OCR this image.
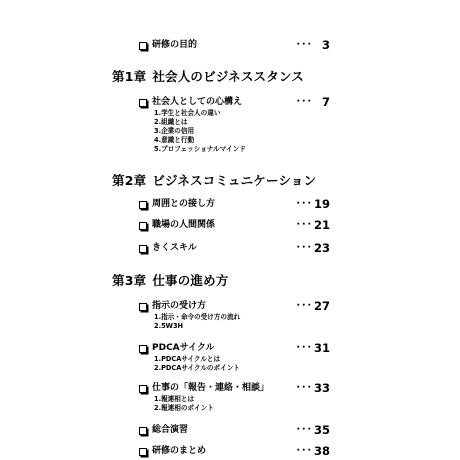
研修の目的	･･･ 3
第1章 社会人のビジネススタンス
社会人としての心構え	･･･ 7
1.学生と社会人の違い
2.組織とは
3.企業の信用
4.意識と行動
5.プロフェッショナルマインド
第2章 ビジネスコミュニケーション
周囲との接し方	･･･ 19
職場の人間関係	･･･ 21
きくスキル	･･･ 23
第3章 仕事の進め方
指示の受け方	･･･ 27
1.指示・命令の受け方の流れ
2.5W3H
PDCAサイクル	･･･ 31
1.PDCAサイクルとは
2.PDCAサイクルのポイント
仕事の「報告・連絡・相談」	･･･ 33
1.報連相とは
2.報連相のポイント
総合演習	･･･ 35
研修のまとめ	･･･ 38
